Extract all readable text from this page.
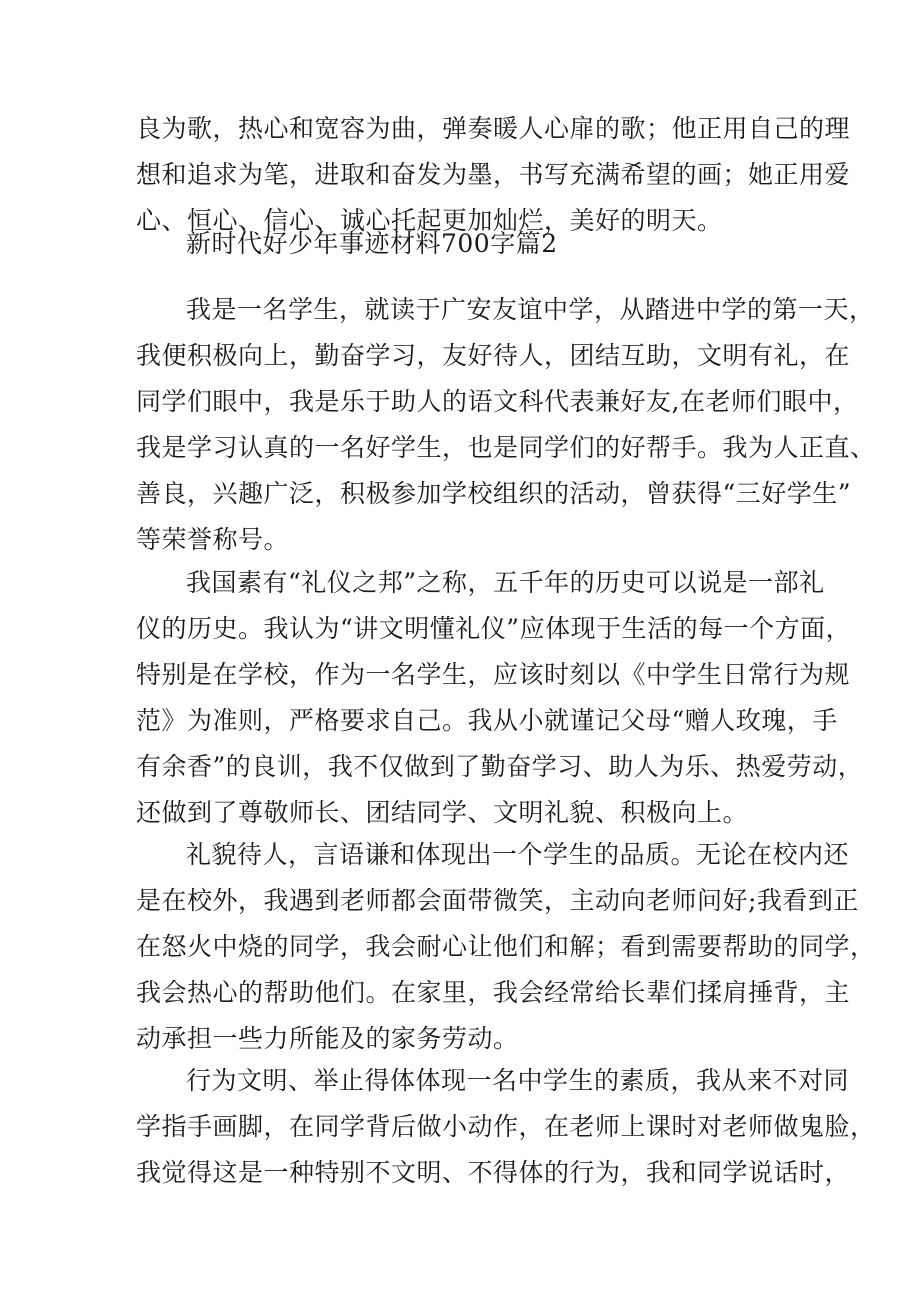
良为歌，热心和宽容为曲，弹奏暖人心扉的歌；他正用自己的理
想和追求为笔，进取和奋发为墨，书写充满希望的画；她正用爱
心、恒心、信心、诚心托起更加灿烂，美好的明天。
新时代好少年事迹材料700字篇2
我是一名学生，就读于广安友谊中学，从踏进中学的第一天，
我便积极向上，勤奋学习，友好待人，团结互助，文明有礼，在
同学们眼中，我是乐于助人的语文科代表兼好友,在老师们眼中，
我是学习认真的一名好学生，也是同学们的好帮手。我为人正直、
善良，兴趣广泛，积极参加学校组织的活动，曾获得“三好学生”
等荣誉称号。
我国素有“礼仪之邦”之称，五千年的历史可以说是一部礼
仪的历史。我认为“讲文明懂礼仪”应体现于生活的每一个方面，
特别是在学校，作为一名学生，应该时刻以《中学生日常行为规
范》为准则，严格要求自己。我从小就谨记父母“赠人玫瑰，手
有余香”的良训，我不仅做到了勤奋学习、助人为乐、热爱劳动，
还做到了尊敬师长、团结同学、文明礼貌、积极向上。
礼貌待人，言语谦和体现出一个学生的品质。无论在校内还
是在校外，我遇到老师都会面带微笑，主动向老师问好;我看到正
在怒火中烧的同学，我会耐心让他们和解；看到需要帮助的同学，
我会热心的帮助他们。在家里，我会经常给长辈们揉肩捶背，主
动承担一些力所能及的家务劳动。
行为文明、举止得体体现一名中学生的素质，我从来不对同
学指手画脚，在同学背后做小动作，在老师上课时对老师做鬼脸，
我觉得这是一种特别不文明、不得体的行为，我和同学说话时，
